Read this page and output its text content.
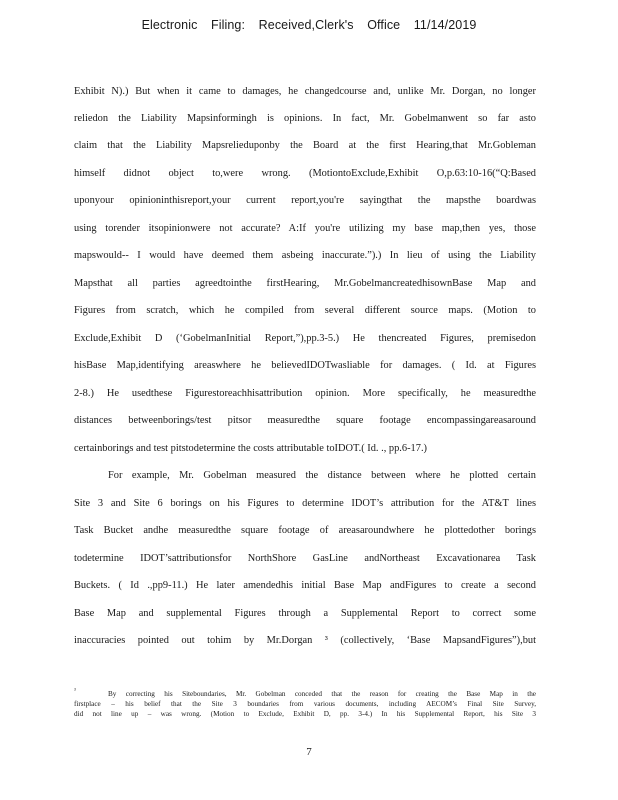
Electronic Filing: Received,Clerk's Office 11/14/2019
Exhibit N).) But when it came to damages, he changedcourse and, unlike Mr. Dorgan, no longer
reliedon the Liability Mapsinformingh is opinions. In fact, Mr. Gobelmanwent so far asto
claim that the Liability Mapsrelieduponby the Board at the first Hearing,that Mr.Gobleman
himself didnot object to,were wrong. (MotiontoExclude,Exhibit O,p.63:10-16(“Q:Based
uponyour opinioninthisreport,your current report,you're sayingthat the mapsthe boardwas
using torender itsopinionwere not accurate? A:If you're utilizing my base map,then yes, those
mapswould-- I would have deemed them asbeing inaccurate.”).) In lieu of using the Liability
Mapsthat all parties agreedtointhe firstHearing, Mr.GobelmancreatedhisownBase Map and
Figures from scratch, which he compiled from several different source maps. (Motion to
Exclude,Exhibit D (‘GobelmanInitial Report,”),pp.3-5.) He thencreated Figures, premisedon
hisBase Map,identifying areaswhere he believedIDOTwasliable for damages. ( Id. at Figures
2-8.) He usedthese Figurestoreachhisattribution opinion. More specifically, he measuredthe
distances betweenborings/test pitsor measuredthe square footage encompassingareasaround
certainborings and test pitstodetermine the costs attributable toIDOT.( Id. ., pp.6-17.)
For example, Mr. Gobelman measured the distance between where he plotted certain
Site 3 and Site 6 borings on his Figures to determine IDOT’s attribution for the AT&T lines
Task Bucket andhe measuredthe square footage of areasaroundwhere he plottedother borings
todetermine IDOT’sattributionsfor NorthShore GasLine andNortheast Excavationarea Task
Buckets. ( Id .,pp9-11.) He later amendedhis initial Base Map andFigures to create a second
Base Map and supplemental Figures through a Supplemental Report to correct some
inaccuracies pointed out tohim by Mr.Dorgan ³ (collectively, ‘Base MapsandFigures”),but
³	By correcting his Siteboundaries, Mr. Gobelman conceded that the reason for creating the Base Map in the
firstplace – his belief that the Site 3 boundaries from various documents, including AECOM’s Final Site Survey,
did not line up – was wrong. (Motion to Exclude, Exhibit D, pp. 3-4.) In his Supplemental Report, his Site 3
7
